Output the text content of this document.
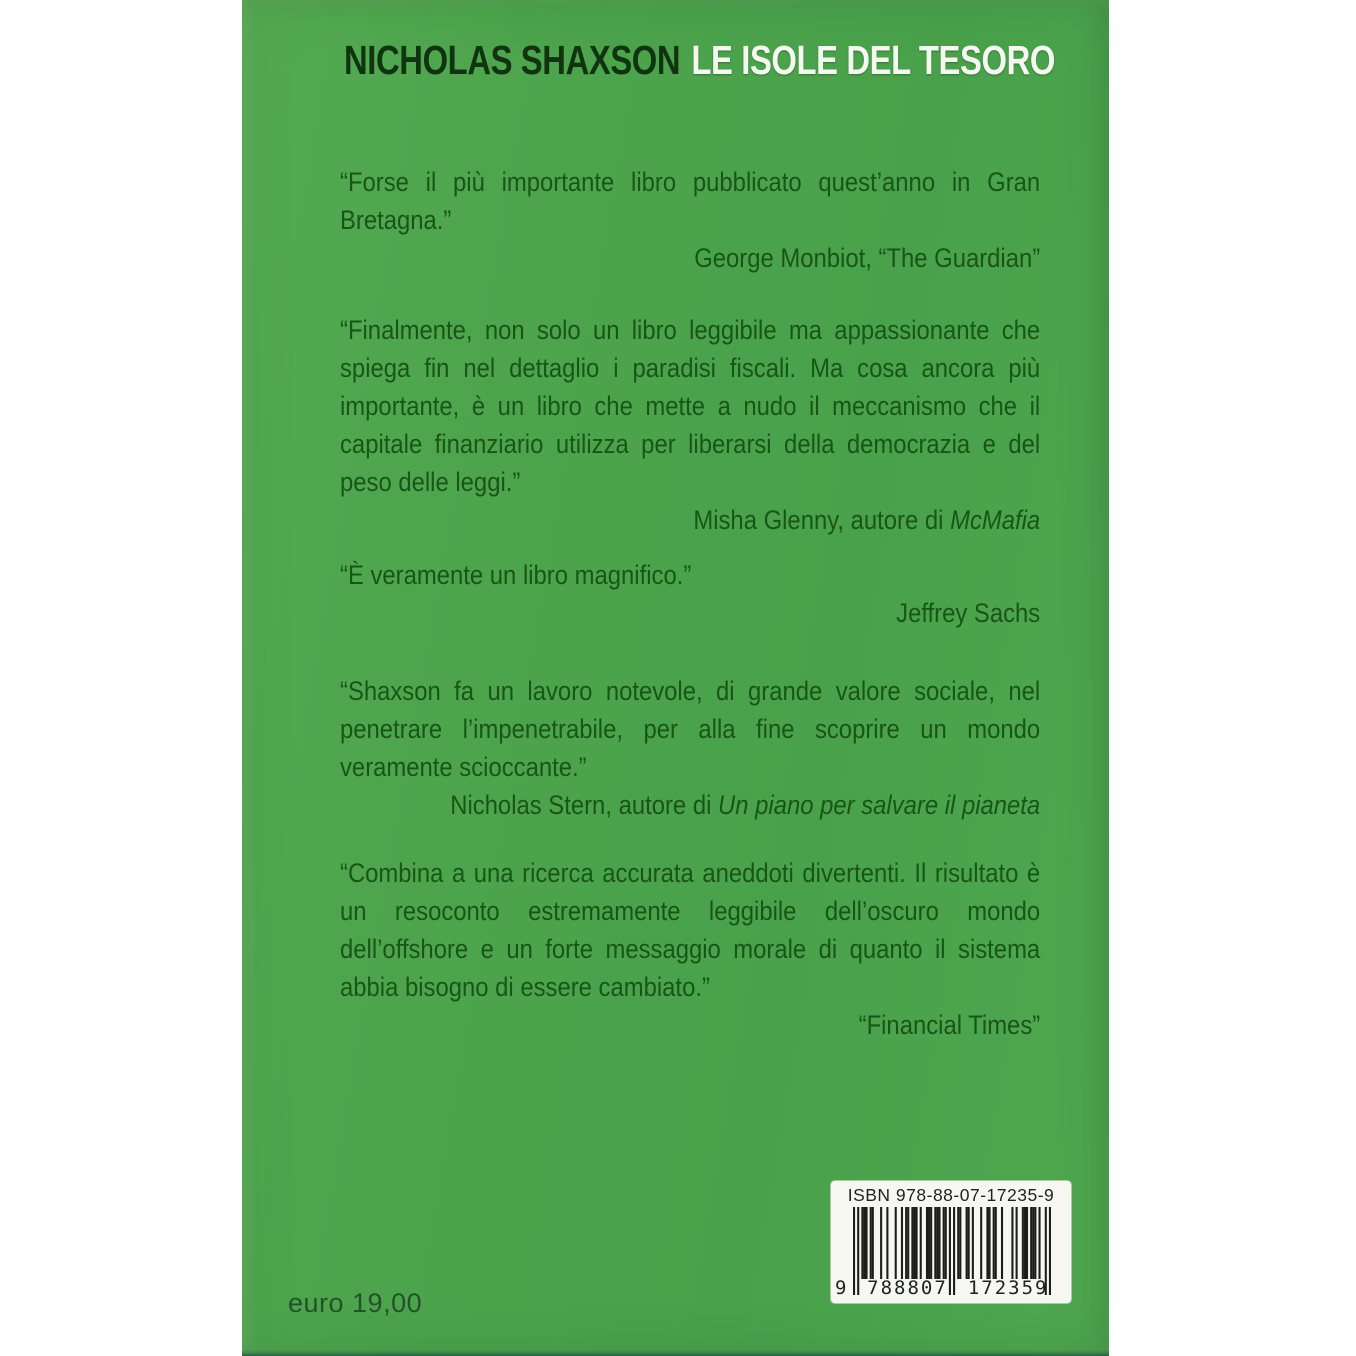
NICHOLAS SHAXSON LE ISOLE DEL TESORO

“Forse il più importante libro pubblicato quest’anno in Gran Bretagna.”

George Monbiot, “The Guardian”

“Finalmente, non solo un libro leggibile ma appassionante che spiega fin nel dettaglio i paradisi fiscali. Ma cosa ancora più importante, è un libro che mette a nudo il meccanismo che il capitale finanziario utilizza per liberarsi della democrazia e del peso delle leggi.”

Misha Glenny, autore di McMafia

“È veramente un libro magnifico.”

Jeffrey Sachs

“Shaxson fa un lavoro notevole, di grande valore sociale, nel penetrare l’impenetrabile, per alla fine scoprire un mondo veramente scioccante.”

Nicholas Stern, autore di Un piano per salvare il pianeta

“Combina a una ricerca accurata aneddoti divertenti. Il risultato è un resoconto estremamente leggibile dell’oscuro mondo dell’offshore e un forte messaggio morale di quanto il sistema abbia bisogno di essere cambiato.”

“Financial Times”

ISBN 978-88-07-17235-9

9 788807 172359

euro 19,00
